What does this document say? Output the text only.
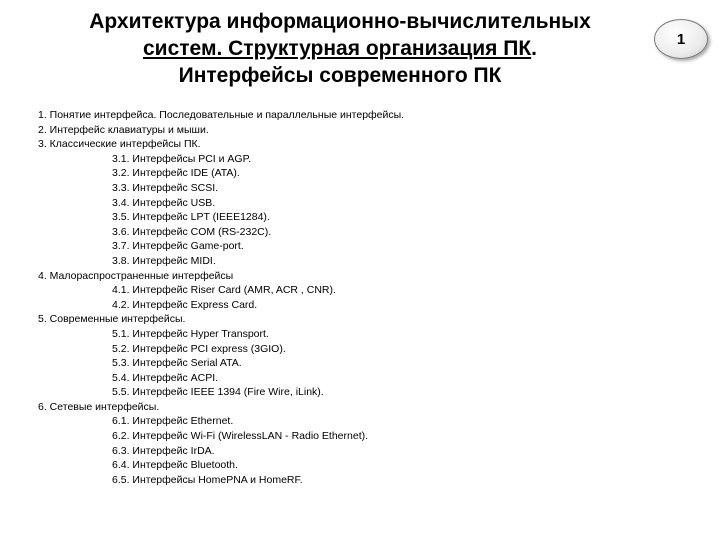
Архитектура информационно-вычислительных
систем. Структурная организация ПК.
Интерфейсы современного ПК
1
1. Понятие интерфейса. Последовательные и параллельные интерфейсы.
2. Интерфейс клавиатуры и мыши.
3. Классические интерфейсы ПК.
3.1. Интерфейсы PCI и AGP.
3.2. Интерфейс IDE (ATA).
3.3. Интерфейс SCSI.
3.4. Интерфейс USB.
3.5. Интерфейс LPT (IEEE1284).
3.6. Интерфейс COM (RS-232C).
3.7. Интерфейс Game-port.
3.8. Интерфейс MIDI.
4. Малораспространенные интерфейсы
4.1. Интерфейс Riser Card (AMR, ACR , CNR).
4.2. Интерфейс Express Card.
5. Современные интерфейсы.
5.1. Интерфейс Hyper Transport.
5.2. Интерфейс PCI express (3GIO).
5.3. Интерфейс Serial ATA.
5.4. Интерфейс ACPI.
5.5. Интерфейс IEEE 1394 (Fire Wire, iLink).
6. Сетевые интерфейсы.
6.1. Интерфейс Ethernet.
6.2. Интерфейс Wi-Fi (WirelessLAN - Radio Ethernet).
6.3. Интерфейс IrDA.
6.4. Интерфейс Bluetooth.
6.5. Интерфейсы HomePNA и HomeRF.
